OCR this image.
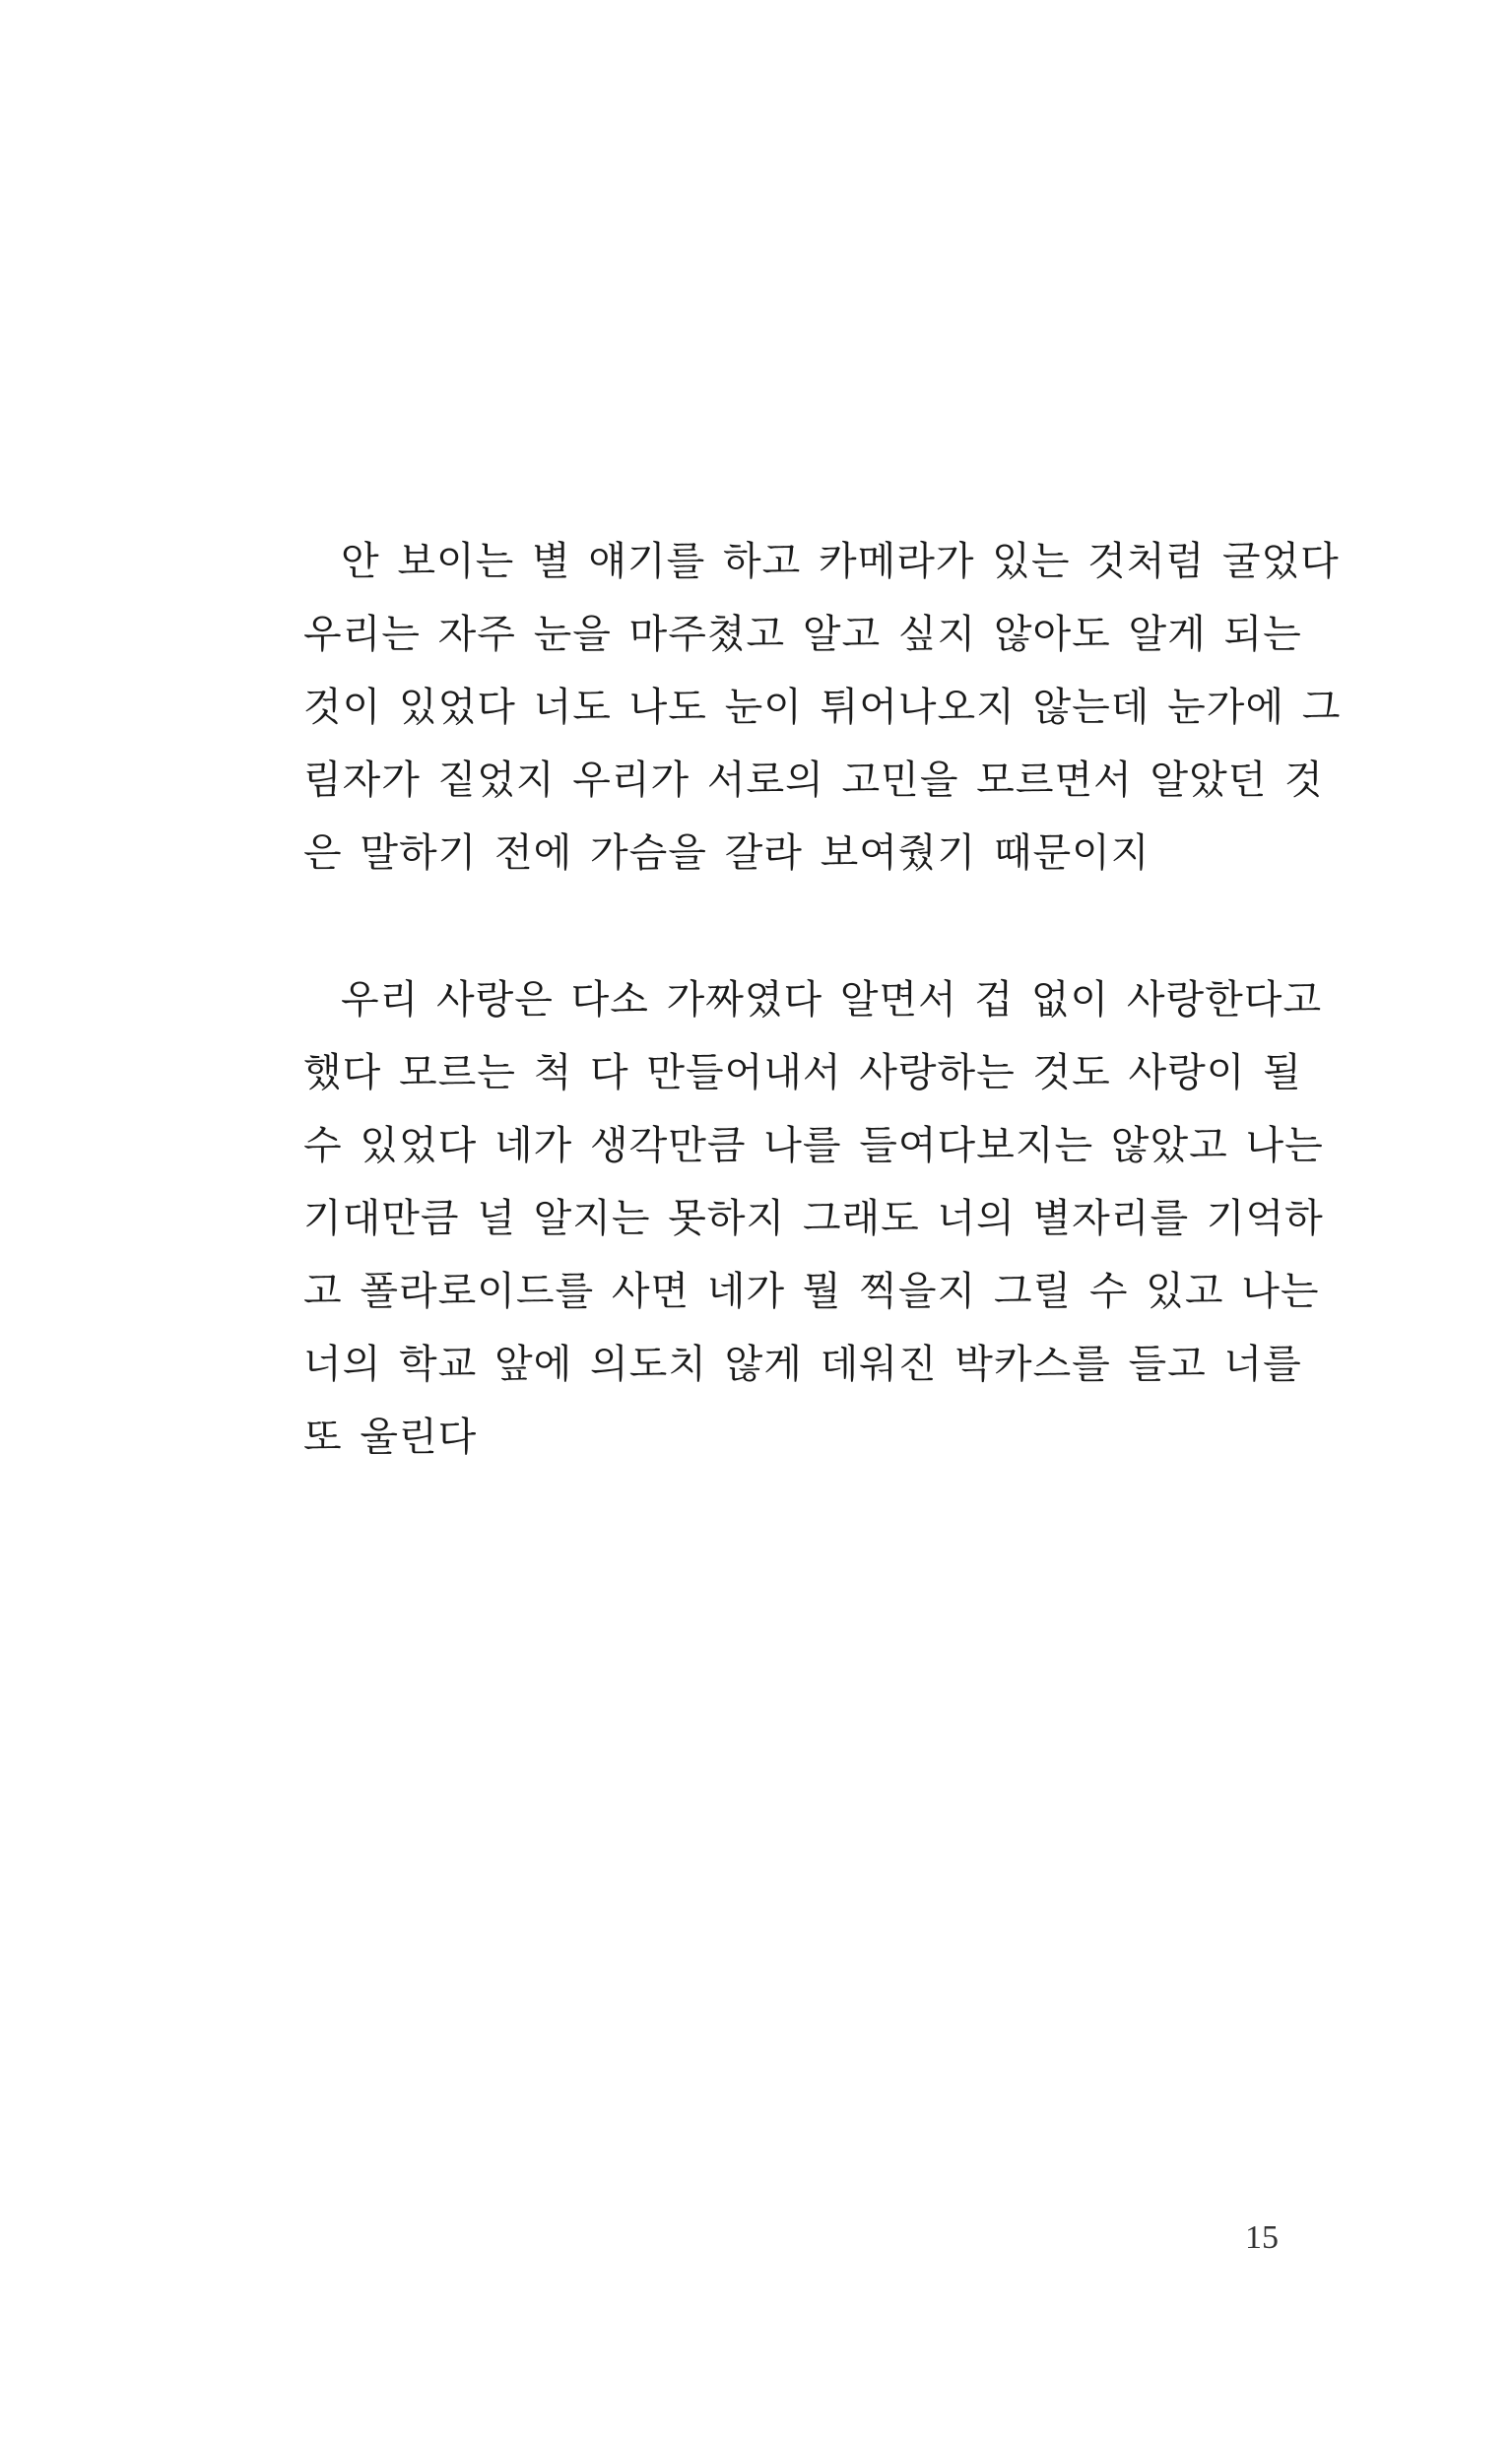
안 보이는 별 얘기를 하고 카메라가 있는 것처럼 굴었다
우리는 자주 눈을 마주쳤고 알고 싶지 않아도 알게 되는
것이 있었다 너도 나도 눈이 튀어나오지 않는데 눈가에 그
림자가 짙었지 우리가 서로의 고민을 모르면서 알았던 것
은 말하기 전에 가슴을 갈라 보여줬기 때문이지
우리 사랑은 다소 가짜였다 알면서 겁 없이 사랑한다고
했다 모르는 척 다 만들어내서 사랑하는 것도 사랑이 될
수 있었다 네가 생각만큼 나를 들여다보지는 않았고 나는
기대만큼 널 알지는 못하지 그래도 너의 별자리를 기억하
고 폴라로이드를 사면 네가 뭘 찍을지 그릴 수 있고 나는
너의 학교 앞에 의도치 않게 데워진 박카스를 들고 너를
또 울린다
15
